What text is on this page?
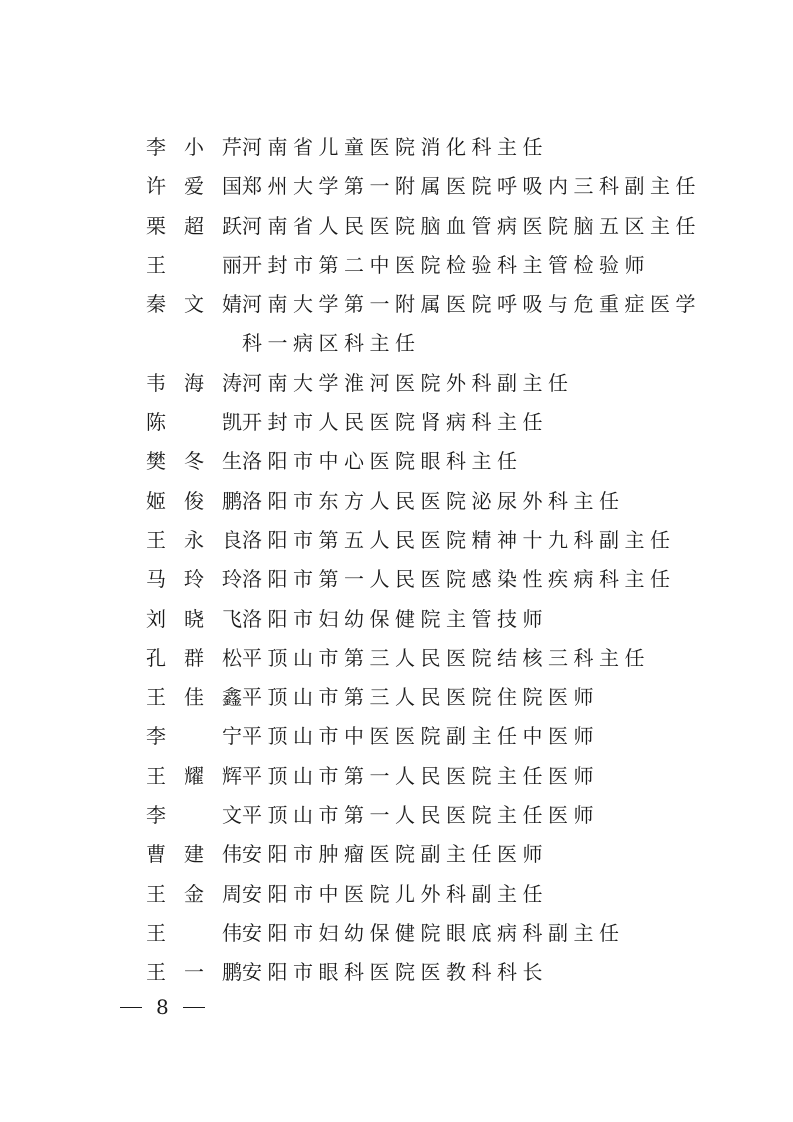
李 小 芹 河南省儿童医院消化科主任
许 爱 国 郑州大学第一附属医院呼吸内三科副主任
栗 超 跃 河南省人民医院脑血管病医院脑五区主任
王	丽 开封市第二中医院检验科主管检验师
秦 文 婧 河南大学第一附属医院呼吸与危重症医学科一病区科主任
韦 海 涛 河南大学淮河医院外科副主任
陈	凯 开封市人民医院肾病科主任
樊 冬 生 洛阳市中心医院眼科主任
姬 俊 鹏 洛阳市东方人民医院泌尿外科主任
王 永 良 洛阳市第五人民医院精神十九科副主任
马 玲 玲 洛阳市第一人民医院感染性疾病科主任
刘 晓 飞 洛阳市妇幼保健院主管技师
孔 群 松 平顶山市第三人民医院结核三科主任
王 佳 鑫 平顶山市第三人民医院住院医师
李	宁 平顶山市中医医院副主任中医师
王 耀 辉 平顶山市第一人民医院主任医师
李	文 平顶山市第一人民医院主任医师
曹 建 伟 安阳市肿瘤医院副主任医师
王 金 周 安阳市中医院儿外科副主任
王	伟 安阳市妇幼保健院眼底病科副主任
王 一 鹏 安阳市眼科医院医教科科长
8
